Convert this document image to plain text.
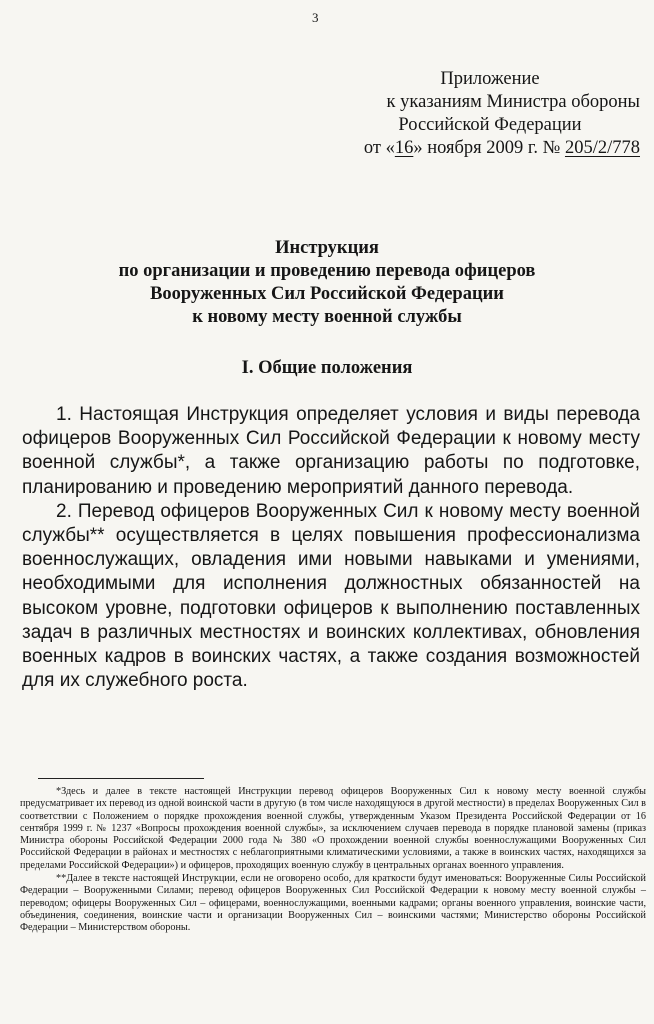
3
Приложение
к указаниям Министра обороны
Российской Федерации
от «16» ноября 2009 г. № 205/2/778
Инструкция
по организации и проведению перевода офицеров
Вооруженных Сил Российской Федерации
к новому месту военной службы
I. Общие положения

1. Настоящая Инструкция определяет условия и виды перевода офицеров Вооруженных Сил Российской Федерации к новому месту военной службы*, а также организацию работы по подготовке, планированию и проведению мероприятий данного перевода.

2. Перевод офицеров Вооруженных Сил к новому месту военной службы** осуществляется в целях повышения профессионализма военнослужащих, овладения ими новыми навыками и умениями, необходимыми для исполнения должностных обязанностей на высоком уровне, подготовки офицеров к выполнению поставленных задач в различных местностях и воинских коллективах, обновления военных кадров в воинских частях, а также создания возможностей для их служебного роста.

*Здесь и далее в тексте настоящей Инструкции перевод офицеров Вооруженных Сил к новому месту военной службы предусматривает их перевод из одной воинской части в другую (в том числе находящуюся в другой местности) в пределах Вооруженных Сил в соответствии с Положением о порядке прохождения военной службы, утвержденным Указом Президента Российской Федерации от 16 сентября 1999 г. № 1237 «Вопросы прохождения военной службы», за исключением случаев перевода в порядке плановой замены (приказ Министра обороны Российской Федерации 2000 года № 380 «О прохождении военной службы военнослужащими Вооруженных Сил Российской Федерации в районах и местностях с неблагоприятными климатическими условиями, а также в воинских частях, находящихся за пределами Российской Федерации») и офицеров, проходящих военную службу в центральных органах военного управления.

**Далее в тексте настоящей Инструкции, если не оговорено особо, для краткости будут именоваться: Вооруженные Силы Российской Федерации – Вооруженными Силами; перевод офицеров Вооруженных Сил Российской Федерации к новому месту военной службы – переводом; офицеры Вооруженных Сил – офицерами, военнослужащими, военными кадрами; органы военного управления, воинские части, объединения, соединения, воинские части и организации Вооруженных Сил – воинскими частями; Министерство обороны Российской Федерации – Министерством обороны.
